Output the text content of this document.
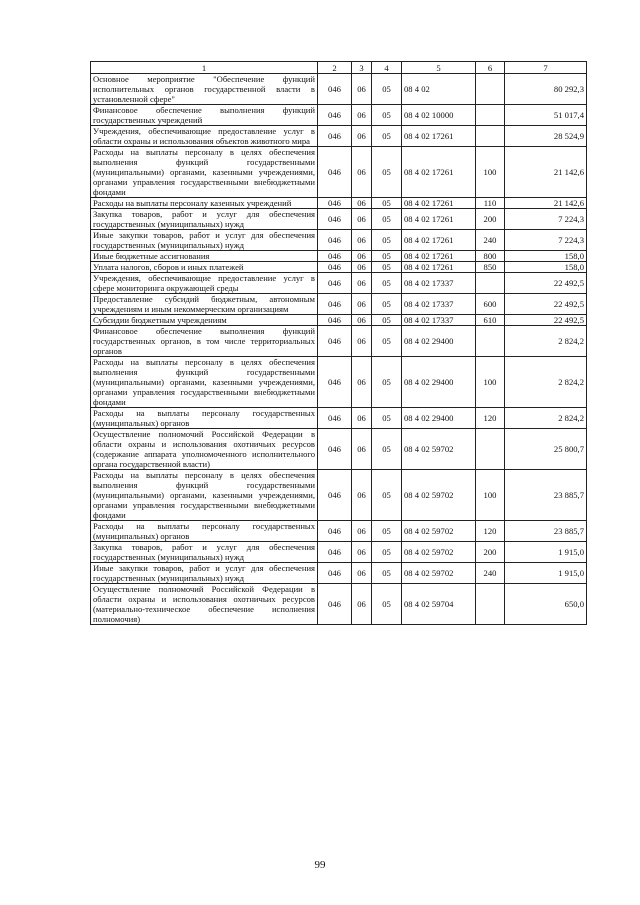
1	2	3	4	5	6	7
Основное мероприятие "Обеспечение функций исполнительных органов государственной власти в установленной сфере"	046	06	05	08 4 02		80 292,3
Финансовое обеспечение выполнения функций государственных учреждений	046	06	05	08 4 02 10000		51 017,4
Учреждения, обеспечивающие предоставление услуг в области охраны и использования объектов животного мира	046	06	05	08 4 02 17261		28 524,9
Расходы на выплаты персоналу в целях обеспечения выполнения функций государственными (муниципальными) органами, казенными учреждениями, органами управления государственными внебюджетными фондами	046	06	05	08 4 02 17261	100	21 142,6
Расходы на выплаты персоналу казенных учреждений	046	06	05	08 4 02 17261	110	21 142,6
Закупка товаров, работ и услуг для обеспечения государственных (муниципальных) нужд	046	06	05	08 4 02 17261	200	7 224,3
Иные закупки товаров, работ и услуг для обеспечения государственных (муниципальных) нужд	046	06	05	08 4 02 17261	240	7 224,3
Иные бюджетные ассигнования	046	06	05	08 4 02 17261	800	158,0
Уплата налогов, сборов и иных платежей	046	06	05	08 4 02 17261	850	158,0
Учреждения, обеспечивающие предоставление услуг в сфере мониторинга окружающей среды	046	06	05	08 4 02 17337		22 492,5
Предоставление субсидий бюджетным, автономным учреждениям и иным некоммерческим организациям	046	06	05	08 4 02 17337	600	22 492,5
Субсидии бюджетным учреждениям	046	06	05	08 4 02 17337	610	22 492,5
Финансовое обеспечение выполнения функций государственных органов, в том числе территориальных органов	046	06	05	08 4 02 29400		2 824,2
Расходы на выплаты персоналу в целях обеспечения выполнения функций государственными (муниципальными) органами, казенными учреждениями, органами управления государственными внебюджетными фондами	046	06	05	08 4 02 29400	100	2 824,2
Расходы на выплаты персоналу государственных (муниципальных) органов	046	06	05	08 4 02 29400	120	2 824,2
Осуществление полномочий Российской Федерации в области охраны и использования охотничьих ресурсов (содержание аппарата уполномоченного исполнительного органа государственной власти)	046	06	05	08 4 02 59702		25 800,7
Расходы на выплаты персоналу в целях обеспечения выполнения функций государственными (муниципальными) органами, казенными учреждениями, органами управления государственными внебюджетными фондами	046	06	05	08 4 02 59702	100	23 885,7
Расходы на выплаты персоналу государственных (муниципальных) органов	046	06	05	08 4 02 59702	120	23 885,7
Закупка товаров, работ и услуг для обеспечения государственных (муниципальных) нужд	046	06	05	08 4 02 59702	200	1 915,0
Иные закупки товаров, работ и услуг для обеспечения государственных (муниципальных) нужд	046	06	05	08 4 02 59702	240	1 915,0
Осуществление полномочий Российской Федерации в области охраны и использования охотничьих ресурсов (материально-техническое обеспечение исполнения полномочия)	046	06	05	08 4 02 59704		650,0
99
